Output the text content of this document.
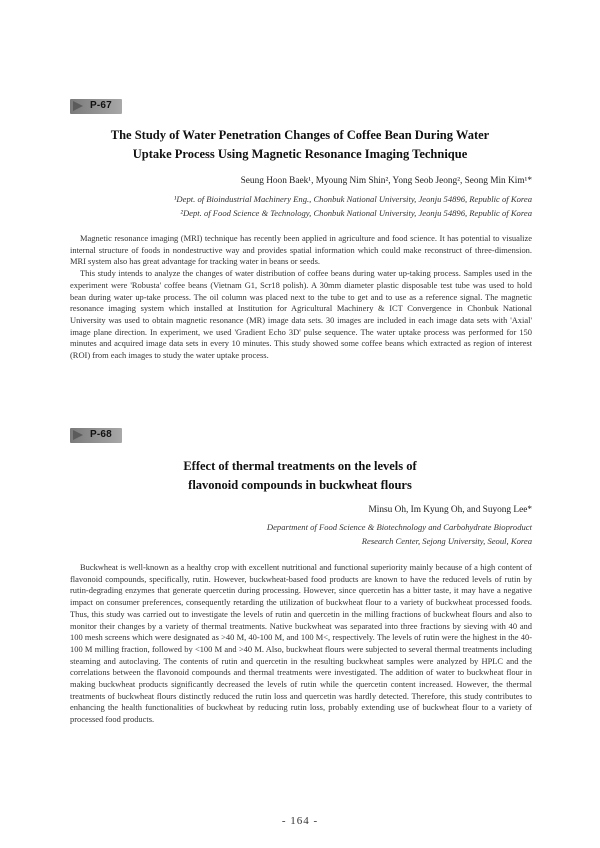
P-67
The Study of Water Penetration Changes of Coffee Bean During Water
Uptake Process Using Magnetic Resonance Imaging Technique
Seung Hoon Baek¹, Myoung Nim Shin², Yong Seob Jeong², Seong Min Kim¹*
¹Dept. of Bioindustrial Machinery Eng., Chonbuk National University, Jeonju 54896, Republic of Korea
²Dept. of Food Science & Technology, Chonbuk National University, Jeonju 54896, Republic of Korea

Magnetic resonance imaging (MRI) technique has recently been applied in agriculture and food science. It has potential to visualize internal structure of foods in nondestructive way and provides spatial information which could make reconstruct of three-dimension. MRI system also has great advantage for tracking water in beans or seeds.

This study intends to analyze the changes of water distribution of coffee beans during water up-taking process. Samples used in the experiment were 'Robusta' coffee beans (Vietnam G1, Scr18 polish). A 30mm diameter plastic disposable test tube was used to hold bean during water up-take process. The oil column was placed next to the tube to get and to use as a reference signal. The magnetic resonance imaging system which installed at Institution for Agricultural Machinery & ICT Convergence in Chonbuk National University was used to obtain magnetic resonance (MR) image data sets. 30 images are included in each image data sets with 'Axial' image plane direction. In experiment, we used 'Gradient Echo 3D' pulse sequence. The water uptake process was performed for 150 minutes and acquired image data sets in every 10 minutes. This study showed some coffee beans which extracted as region of interest (ROI) from each images to study the water uptake process.

P-68
Effect of thermal treatments on the levels of
flavonoid compounds in buckwheat flours
Minsu Oh, Im Kyung Oh, and Suyong Lee*
Department of Food Science & Biotechnology and Carbohydrate Bioproduct
Research Center, Sejong University, Seoul, Korea

Buckwheat is well-known as a healthy crop with excellent nutritional and functional superiority mainly because of a high content of flavonoid compounds, specifically, rutin. However, buckwheat-based food products are known to have the reduced levels of rutin by rutin-degrading enzymes that generate quercetin during processing. However, since quercetin has a bitter taste, it may have a negative impact on consumer preferences, consequently retarding the utilization of buckwheat flour to a variety of buckwheat processed foods. Thus, this study was carried out to investigate the levels of rutin and quercetin in the milling fractions of buckwheat flours and also to monitor their changes by a variety of thermal treatments. Native buckwheat was separated into three fractions by sieving with 40 and 100 mesh screens which were designated as >40 M, 40-100 M, and 100 M<, respectively. The levels of rutin were the highest in the 40-100 M milling fraction, followed by <100 M and >40 M. Also, buckwheat flours were subjected to several thermal treatments including steaming and autoclaving. The contents of rutin and quercetin in the resulting buckwheat samples were analyzed by HPLC and the correlations between the flavonoid compounds and thermal treatments were investigated. The addition of water to buckwheat flour in making buckwheat products significantly decreased the levels of rutin while the quercetin content increased. However, the thermal treatments of buckwheat flours distinctly reduced the rutin loss and quercetin was hardly detected. Therefore, this study contributes to enhancing the health functionalities of buckwheat by reducing rutin loss, probably extending use of buckwheat flour to a variety of processed food products.

- 164 -
